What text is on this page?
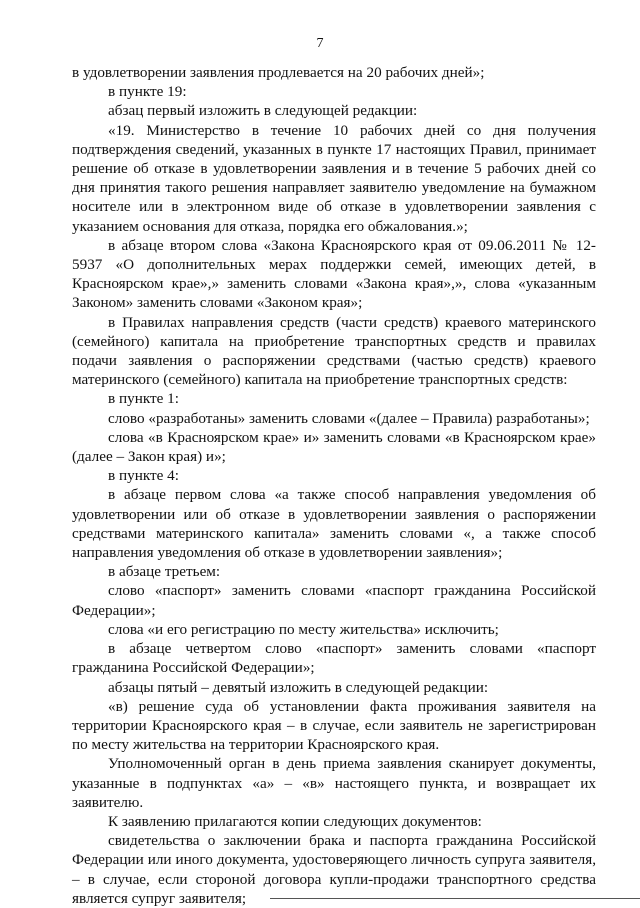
7

в удовлетворении заявления продлевается на 20 рабочих дней»;

в пункте 19:

абзац первый изложить в следующей редакции:

«19. Министерство в течение 10 рабочих дней со дня получения подтверждения сведений, указанных в пункте 17 настоящих Правил, принимает решение об отказе в удовлетворении заявления и в течение 5 рабочих дней со дня принятия такого решения направляет заявителю уведомление на бумажном носителе или в электронном виде об отказе в удовлетворении заявления с указанием основания для отказа, порядка его обжалования.»;

в абзаце втором слова «Закона Красноярского края от 09.06.2011 № 12-5937 «О дополнительных мерах поддержки семей, имеющих детей, в Красноярском крае»,» заменить словами «Закона края»,», слова «указанным Законом» заменить словами «Законом края»;

в Правилах направления средств (части средств) краевого материнского (семейного) капитала на приобретение транспортных средств и правилах подачи заявления о распоряжении средствами (частью средств) краевого материнского (семейного) капитала на приобретение транспортных средств:

в пункте 1:

слово «разработаны» заменить словами «(далее – Правила) разработаны»;

слова «в Красноярском крае» и» заменить словами «в Красноярском крае» (далее – Закон края) и»;

в пункте 4:

в абзаце первом слова «а также способ направления уведомления об удовлетворении или об отказе в удовлетворении заявления о распоряжении средствами материнского капитала» заменить словами «, а также способ направления уведомления об отказе в удовлетворении заявления»;

в абзаце третьем:

слово «паспорт» заменить словами «паспорт гражданина Российской Федерации»;

слова «и его регистрацию по месту жительства» исключить;

в абзаце четвертом слово «паспорт» заменить словами «паспорт гражданина Российской Федерации»;

абзацы пятый – девятый изложить в следующей редакции:

«в) решение суда об установлении факта проживания заявителя на территории Красноярского края – в случае, если заявитель не зарегистрирован по месту жительства на территории Красноярского края.

Уполномоченный орган в день приема заявления сканирует документы, указанные в подпунктах «а» – «в» настоящего пункта, и возвращает их заявителю.

К заявлению прилагаются копии следующих документов:

свидетельства о заключении брака и паспорта гражданина Российской Федерации или иного документа, удостоверяющего личность супруга заявителя, – в случае, если стороной договора купли-продажи транспортного средства является супруг заявителя;
